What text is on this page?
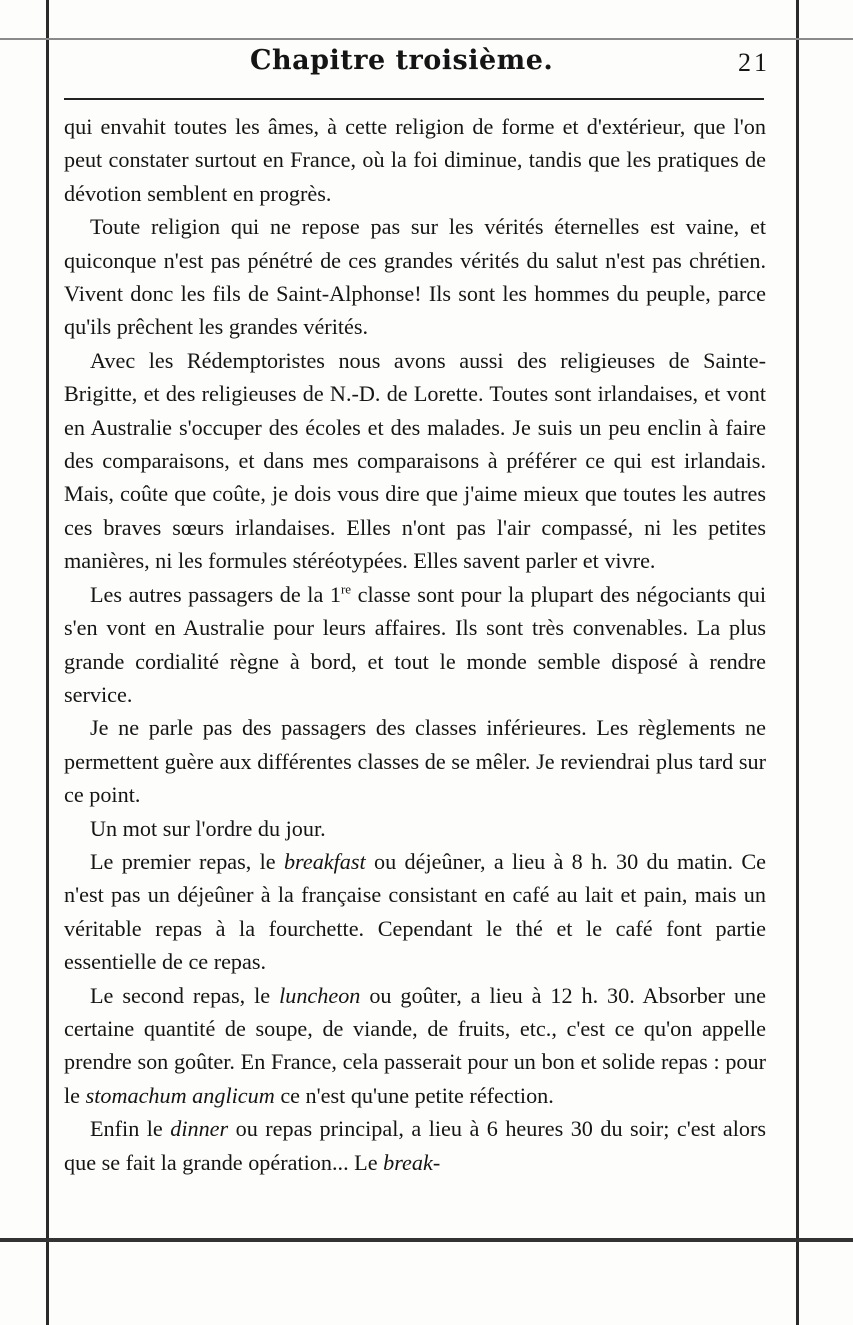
Chapitre troisième.	21

qui envahit toutes les âmes, à cette religion de forme et d'extérieur, que l'on peut constater surtout en France, où la foi diminue, tandis que les pratiques de dévotion semblent en progrès.

Toute religion qui ne repose pas sur les vérités éternelles est vaine, et quiconque n'est pas pénétré de ces grandes vérités du salut n'est pas chrétien. Vivent donc les fils de Saint-Alphonse! Ils sont les hommes du peuple, parce qu'ils prêchent les grandes vérités.

Avec les Rédemptoristes nous avons aussi des religieuses de Sainte-Brigitte, et des religieuses de N.-D. de Lorette. Toutes sont irlandaises, et vont en Australie s'occuper des écoles et des malades. Je suis un peu enclin à faire des comparaisons, et dans mes comparaisons à préférer ce qui est irlandais. Mais, coûte que coûte, je dois vous dire que j'aime mieux que toutes les autres ces braves sœurs irlandaises. Elles n'ont pas l'air compassé, ni les petites manières, ni les formules stéréotypées. Elles savent parler et vivre.

Les autres passagers de la 1re classe sont pour la plupart des négociants qui s'en vont en Australie pour leurs affaires. Ils sont très convenables. La plus grande cordialité règne à bord, et tout le monde semble disposé à rendre service.

Je ne parle pas des passagers des classes inférieures. Les règlements ne permettent guère aux différentes classes de se mêler. Je reviendrai plus tard sur ce point.

Un mot sur l'ordre du jour.

Le premier repas, le breakfast ou déjeûner, a lieu à 8 h. 30 du matin. Ce n'est pas un déjeûner à la française consistant en café au lait et pain, mais un véritable repas à la fourchette. Cependant le thé et le café font partie essentielle de ce repas.

Le second repas, le luncheon ou goûter, a lieu à 12 h. 30. Absorber une certaine quantité de soupe, de viande, de fruits, etc., c'est ce qu'on appelle prendre son goûter. En France, cela passerait pour un bon et solide repas : pour le stomachum anglicum ce n'est qu'une petite réfection.

Enfin le dinner ou repas principal, a lieu à 6 heures 30 du soir; c'est alors que se fait la grande opération... Le break-
